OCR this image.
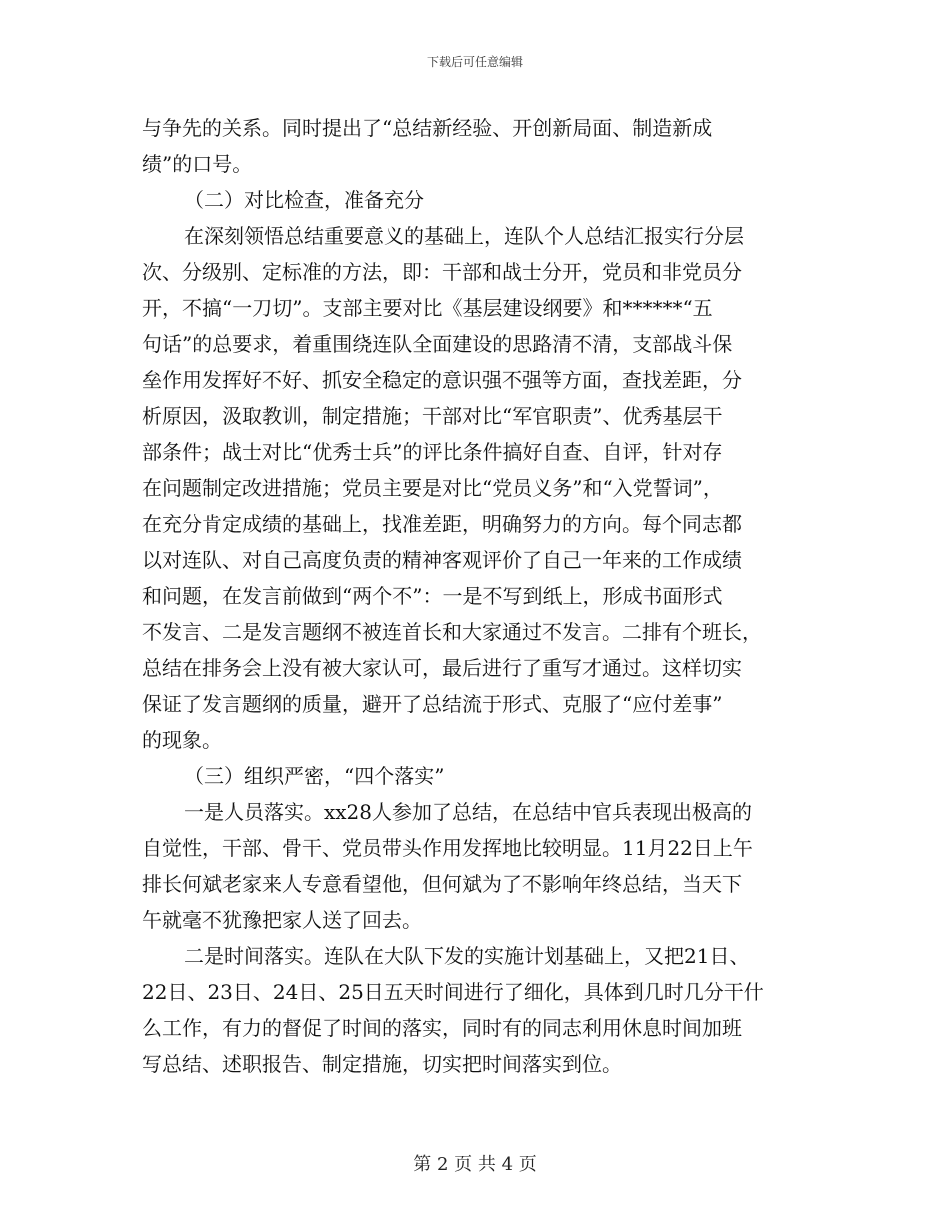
下载后可任意编辑
与争先的关系。同时提出了“总结新经验、开创新局面、制造新成
绩”的口号。
（二）对比检查，准备充分
在深刻领悟总结重要意义的基础上，连队个人总结汇报实行分层
次、分级别、定标准的方法，即：干部和战士分开，党员和非党员分
开，不搞“一刀切”。支部主要对比《基层建设纲要》和******“五
句话”的总要求，着重围绕连队全面建设的思路清不清，支部战斗保
垒作用发挥好不好、抓安全稳定的意识强不强等方面，查找差距，分
析原因，汲取教训，制定措施；干部对比“军官职责”、优秀基层干
部条件；战士对比“优秀士兵”的评比条件搞好自查、自评，针对存
在问题制定改进措施；党员主要是对比“党员义务”和“入党誓词”，
在充分肯定成绩的基础上，找准差距，明确努力的方向。每个同志都
以对连队、对自己高度负责的精神客观评价了自己一年来的工作成绩
和问题，在发言前做到“两个不”：一是不写到纸上，形成书面形式
不发言、二是发言题纲不被连首长和大家通过不发言。二排有个班长，
总结在排务会上没有被大家认可，最后进行了重写才通过。这样切实
保证了发言题纲的质量，避开了总结流于形式、克服了“应付差事”
的现象。
（三）组织严密，“四个落实”
一是人员落实。xx28人参加了总结，在总结中官兵表现出极高的
自觉性，干部、骨干、党员带头作用发挥地比较明显。11月22日上午
排长何斌老家来人专意看望他，但何斌为了不影响年终总结，当天下
午就毫不犹豫把家人送了回去。
二是时间落实。连队在大队下发的实施计划基础上，又把21日、
22日、23日、24日、25日五天时间进行了细化，具体到几时几分干什
么工作，有力的督促了时间的落实，同时有的同志利用休息时间加班
写总结、述职报告、制定措施，切实把时间落实到位。
第 2 页 共 4 页
